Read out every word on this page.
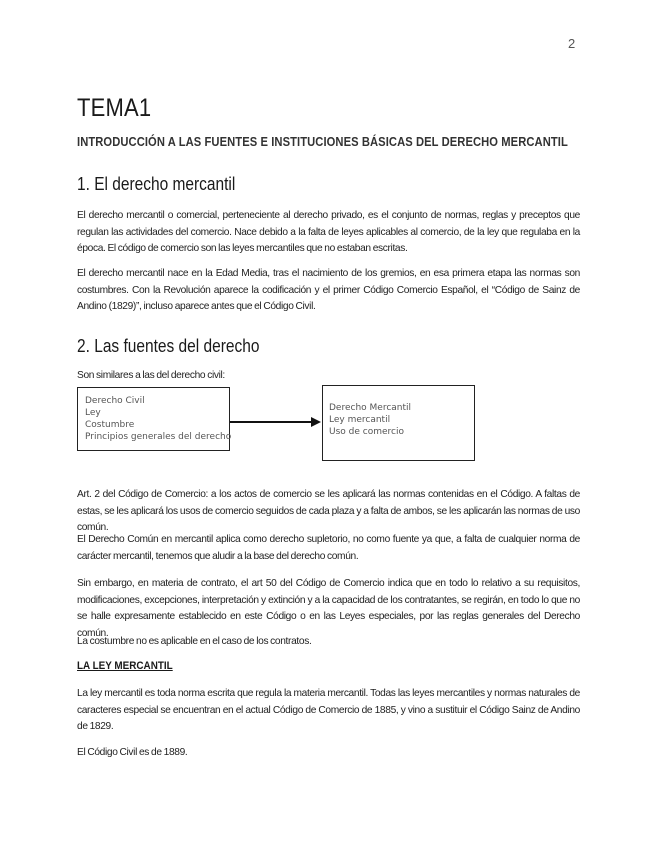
2
TEMA1
INTRODUCCIÓN A LAS FUENTES E INSTITUCIONES BÁSICAS DEL DERECHO MERCANTIL
1. El derecho mercantil

El derecho mercantil o comercial, perteneciente al derecho privado, es el conjunto de normas, reglas y preceptos que regulan las actividades del comercio. Nace debido a la falta de leyes aplicables al comercio, de la ley que regulaba en la época. El código de comercio son las leyes mercantiles que no estaban escritas.

El derecho mercantil nace en la Edad Media, tras el nacimiento de los gremios, en esa primera etapa las normas son costumbres. Con la Revolución aparece la codificación y el primer Código Comercio Español, el “Código de Sainz de Andino (1829)”, incluso aparece antes que el Código Civil.

2. Las fuentes del derecho

Son similares a las del derecho civil:

Derecho Civil
Ley
Costumbre
Principios generales del derecho
Derecho Mercantil
Ley mercantil
Uso de comercio

Art. 2 del Código de Comercio: a los actos de comercio se les aplicará las normas contenidas en el Código. A faltas de estas, se les aplicará los usos de comercio seguidos de cada plaza y a falta de ambos, se les aplicarán las normas de uso común.

El Derecho Común en mercantil aplica como derecho supletorio, no como fuente ya que, a falta de cualquier norma de carácter mercantil, tenemos que aludir a la base del derecho común.

Sin embargo, en materia de contrato, el art 50 del Código de Comercio indica que en todo lo relativo a su requisitos, modificaciones, excepciones, interpretación y extinción y a la capacidad de los contratantes, se regirán, en todo lo que no se halle expresamente establecido en este Código o en las Leyes especiales, por las reglas generales del Derecho común.

La costumbre no es aplicable en el caso de los contratos.

LA LEY MERCANTIL

La ley mercantil es toda norma escrita que regula la materia mercantil. Todas las leyes mercantiles y normas naturales de caracteres especial se encuentran en el actual Código de Comercio de 1885, y vino a sustituir el Código Sainz de Andino de 1829.

El Código Civil es de 1889.
